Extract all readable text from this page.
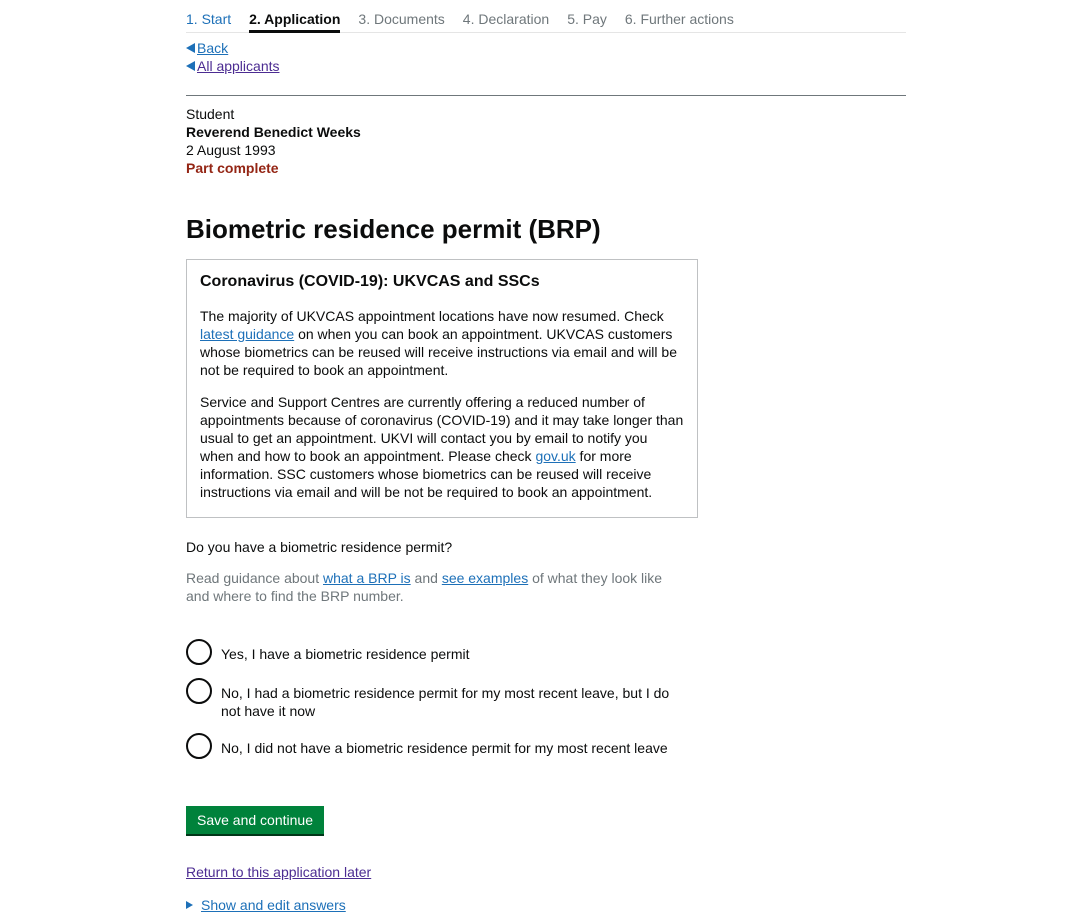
1. Start 2. Application 3. Documents 4. Declaration 5. Pay 6. Further actions
Back
All applicants
Student
Reverend Benedict Weeks
2 August 1993
Part complete
Biometric residence permit (BRP)
Coronavirus (COVID-19): UKVCAS and SSCs

The majority of UKVCAS appointment locations have now resumed. Check latest guidance on when you can book an appointment. UKVCAS customers whose biometrics can be reused will receive instructions via email and will be not be required to book an appointment.

Service and Support Centres are currently offering a reduced number of appointments because of coronavirus (COVID-19) and it may take longer than usual to get an appointment. UKVI will contact you by email to notify you when and how to book an appointment. Please check gov.uk for more information. SSC customers whose biometrics can be reused will receive instructions via email and will be not be required to book an appointment.

Do you have a biometric residence permit?
Read guidance about what a BRP is and see examples of what they look like and where to find the BRP number.
Yes, I have a biometric residence permit
No, I had a biometric residence permit for my most recent leave, but I do not have it now
No, I did not have a biometric residence permit for my most recent leave
Save and continue
Return to this application later
Show and edit answers
